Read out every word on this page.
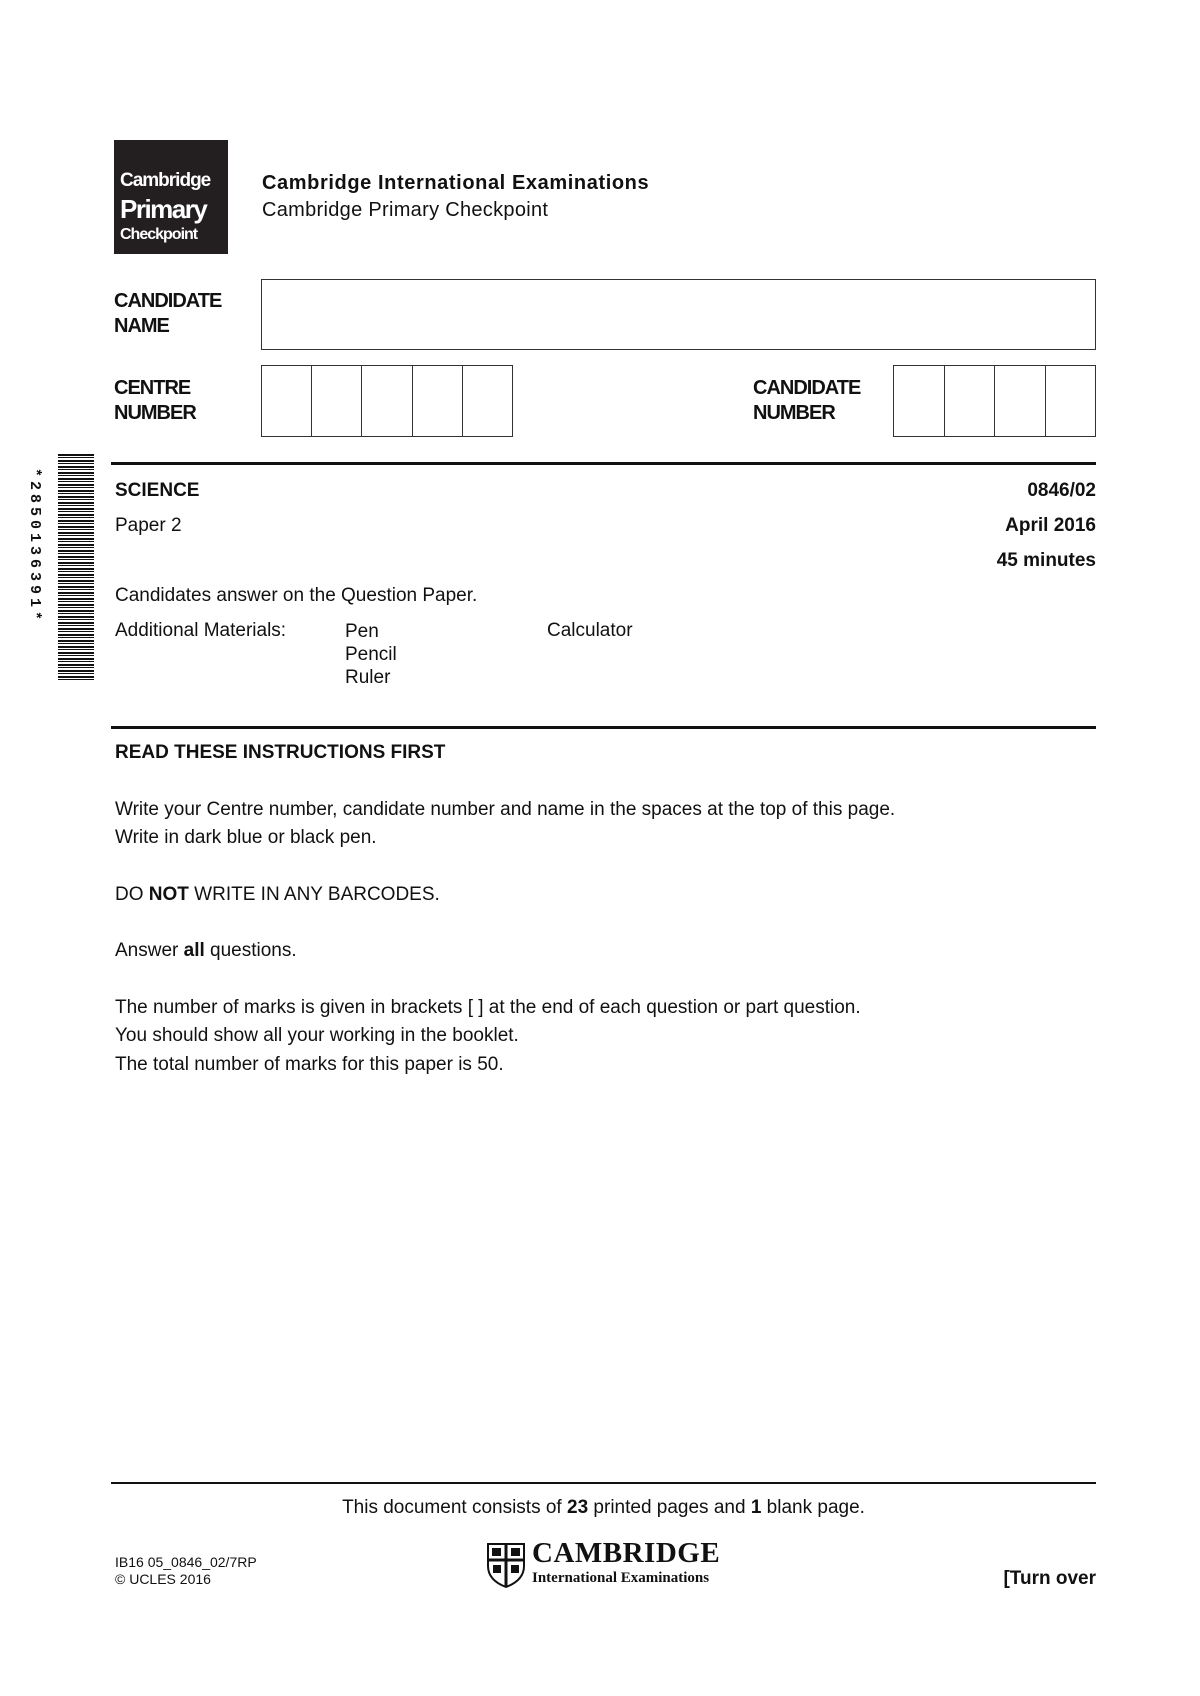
Cambridge
Primary
Checkpoint
Cambridge International Examinations
Cambridge Primary Checkpoint
CANDIDATE
NAME
CENTRE
NUMBER
CANDIDATE
NUMBER
*2850136391*	SCIENCE	0846/02
Paper 2	April 2016
45 minutes
Candidates answer on the Question Paper.
Additional Materials:	Pen
Pencil
Ruler
Calculator
READ THESE INSTRUCTIONS FIRST
Write your Centre number, candidate number and name in the spaces at the top of this page.
Write in dark blue or black pen.
DO NOT WRITE IN ANY BARCODES.
Answer all questions.
The number of marks is given in brackets [ ] at the end of each question or part question.
You should show all your working in the booklet.
The total number of marks for this paper is 50.
This document consists of 23 printed pages and 1 blank page.
IB16 05_0846_02/7RP
© UCLES 2016
CAMBRIDGE
International Examinations	[Turn over
